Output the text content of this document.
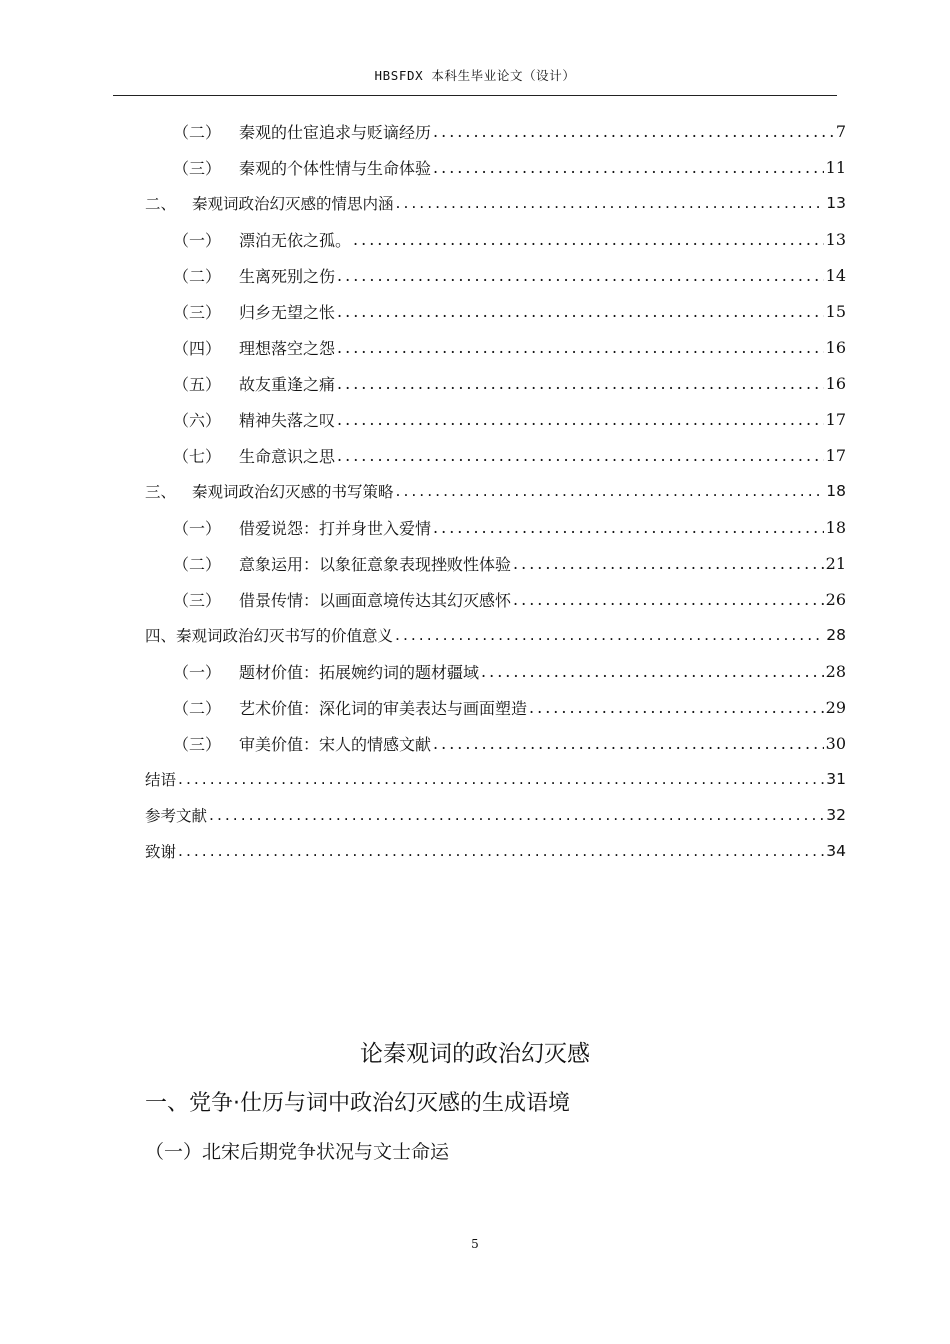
HBSFDX 本科生毕业论文（设计）
（二） 秦观的仕宦追求与贬谪经历 .....	7
（三） 秦观的个体性情与生命体验 .....	11
二、 秦观词政治幻灭感的情思内涵 .....	13
（一） 漂泊无依之孤。 .....	13
（二） 生离死别之伤 .....	14
（三） 归乡无望之怅 .....	15
（四） 理想落空之怨 .....	16
（五） 故友重逢之痛 .....	16
（六） 精神失落之叹 .....	17
（七） 生命意识之思 .....	17
三、 秦观词政治幻灭感的书写策略 .....	18
（一） 借爱说怨：打并身世入爱情 .....	18
（二） 意象运用：以象征意象表现挫败性体验 .....	21
（三） 借景传情：以画面意境传达其幻灭感怀 .....	26
四、秦观词政治幻灭书写的价值意义 .....	28
（一） 题材价值：拓展婉约词的题材疆域 .....	28
（二） 艺术价值：深化词的审美表达与画面塑造 .....	29
（三） 审美价值：宋人的情感文献 .....	30
结语 .....	31
参考文献 .....	32
致谢 .....	34
论秦观词的政治幻灭感
一、党争·仕历与词中政治幻灭感的生成语境
（一）北宋后期党争状况与文士命运
5
